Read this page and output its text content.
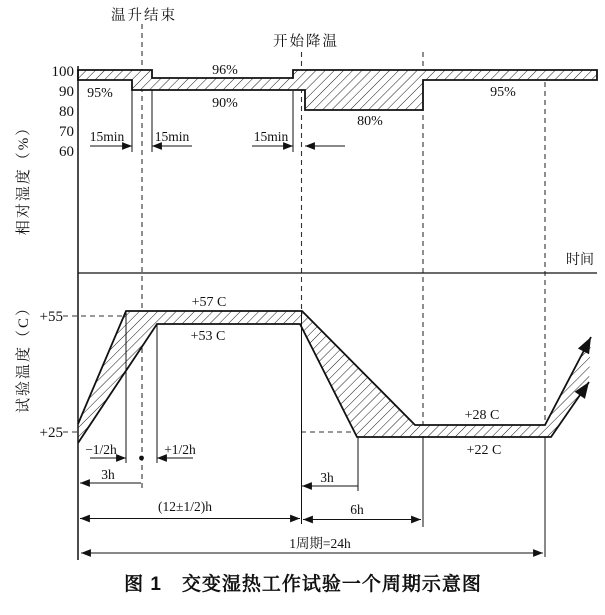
温升结束
开始降温
100
90
80
70
60
95%
96%
90%
80%
95%
15min 15min	15min
时间
相对湿度（%）
+55
+25
+57 C
+53 C
+28 C
+22 C
试验温度（C）
−1/2h	+1/2h
3h	3h
6h
(12±1/2)h
1周期=24h
图 1　交变湿热工作试验一个周期示意图
